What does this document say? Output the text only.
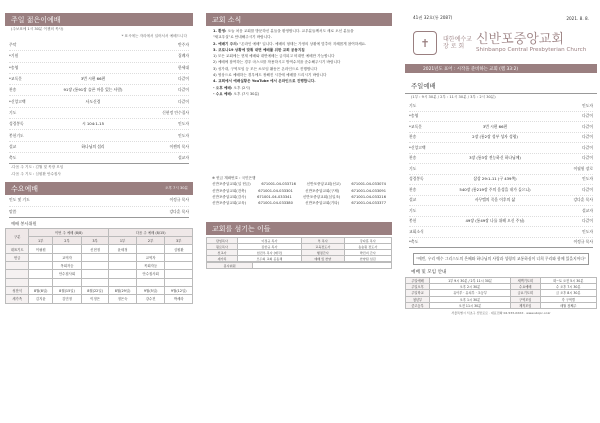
주일 젊은이예배
(주보표에 1시 30분 이젠의 목사)
* 표시에는 자리에서 일어서서 예배드니다
주악	반주자
*기원	집례자
*송영	한세대
*교독문	3번 시편 66편	다같이
찬송	91장 (통91장 슬픈 마음 있는 사람)	다같이
*신앙고백	사도신경	다같이
기도	신현정 안수집사
성경봉독	시 104:1-15	인도자
봉헌기도	인도자
설교	하나님의 섭리	이젠의 목사
축도	설교자
-다음 주 기도 : 김월 및 목장 모임
-다음 주 기도 : 심원환 안수집사
수요예배	오후 7시 30분
인도 및 기도	이정규 목사
말씀	강다훈 목사
예배 봉사위원
구분	이번 주 예배 (8/8)			다음 주 예배 (8/15)		
	1부	2부	3부	1부	2부	3부
대표기도	이필원		신현정	윤세정		심원환
헌금		교역자			교역자	
		목회자등			목회자등	
		안수집사회			안수집사회	

성찬식	8월(8일)	8월(15일)	8월(22일)	8월(29일)	9월(5일)	9월(12일)
새가족	김지윤	김민정	이정은	정은숙	강수진	박세라
교회 소식
1. 환영: 오늘 처음 교회를 방문하신 분들을 환영합니다. 교우분들께서도 새로 오신 분들을
"새교우실"로 안내해주시기 바랍니다.
2. 예배기 주의: "온라인 예배" 입니다. 예배의 형태는 가정의 상황에 맞추어 지혜롭게 참여하세요.
3. 코로나19 상황에 맞춰 대면 예배를 위한 교회 공동지침
1) 모든 교회에는 현재 예배와 대면예배는 금지되고 비대면 예배만 가능합니다
2) 예배에 참여하는 경우 마스크를 착용하시고 방역수칙을 준수해주시기 바랍니다
3) 성가대, 구역모임 등 모든 소모임 활동은 온라인으로 진행합니다
4) 영상으로 예배하는 경우에도 정해진 시간에 예배를 드리시기 바랍니다
4. 교회에서 예배실황은 YouTube 에서 온라인으로 진행합니다.
- 오후 예배: 오후 (2시)
- 수요 예배: 오후 (7시 30분)
※ 헌금 계좌번호 : 국민은행
신반포중앙교회(일 헌금)	671001-04-033716	신반포중앙교회(선교)	671001-04-033074
신반포중앙교회(건축)	671001-04-033301	신반포중앙교회(구제)	671001-04-033091
신반포중앙교회(감사)	671001-04-033341	신반포중앙교회(십일조)	671001-04-033216
신반포중앙교회(교육)	671001-04-033380	신반포중앙교회(기타)	671001-04-033377
교회를 섬기는 이들
담임목사	이정규 목사	부 목사	강다훈 목사
원로목사	김한규 목사	교육전도사	송승원 전도사
선교사	임진우 목사 (태국)	행정간사	박민지 간사
새가족	모두의 교회 공동체	예배 및 찬양	찬양팀 섬김
봉사위원	
41권 32호(통 2087)	2021. 8. 8.
✝	대한예수교
장 로 회 신반포중앙교회
Shinbanpo Central Presbyterian Church
2021년도 표어 : 시작을 준비하는 교회 (렘 33:2)
주일예배
(1부 : 9시 30분 / 2부 : 11시 30분 / 3부 : 2시 30분)
기도	인도자
*송영	다같이
*교독문	3번 시편 66편	다같이
찬송	2장 (통2장 성부 성자 성령)	다같이
*신앙고백	다같이
찬송	3장 (통3장 전능하신 하나님께)	다같이
기도	이필원 장로
성경봉독	삼상 29:1-11 (구 439쪽)	인도자
찬송	540장 (통219장 주의 음성을 내가 들으니)	다같이
설교	사무엘의 죽음 이후의 삶	강다훈 목사
기도	설교자
봉헌	49장 (통49장 나를 위해 오신 주님)	다같이
교회소식	인도자
*축도	이정규 목사
"에빈, 우리 예수 그리스도의 은혜와 하나님의 사랑과 성령의 교통하심이 너희 무리와 함께 있을지어다"
예배 및 모임 안내
주일예배	1부 9시 30분 / 2부 11시 30분	새벽기도회	화~토 오전 5시 30분
주일오후	오후 2시 30분	수요예배	수 오후 7시 30분
주일학교	유아부 · 유치부 · 초등부	금요기도회	금 오후 8시 30분
청년부	오후 1시 30분	구역모임	각 구역별
중고등부	오전 11시 30분	제직모임	매월 첫째주
서울특별시 서초구 신반포로 · 대표전화 02-533-XXXX · www.sbcpc.or.kr
